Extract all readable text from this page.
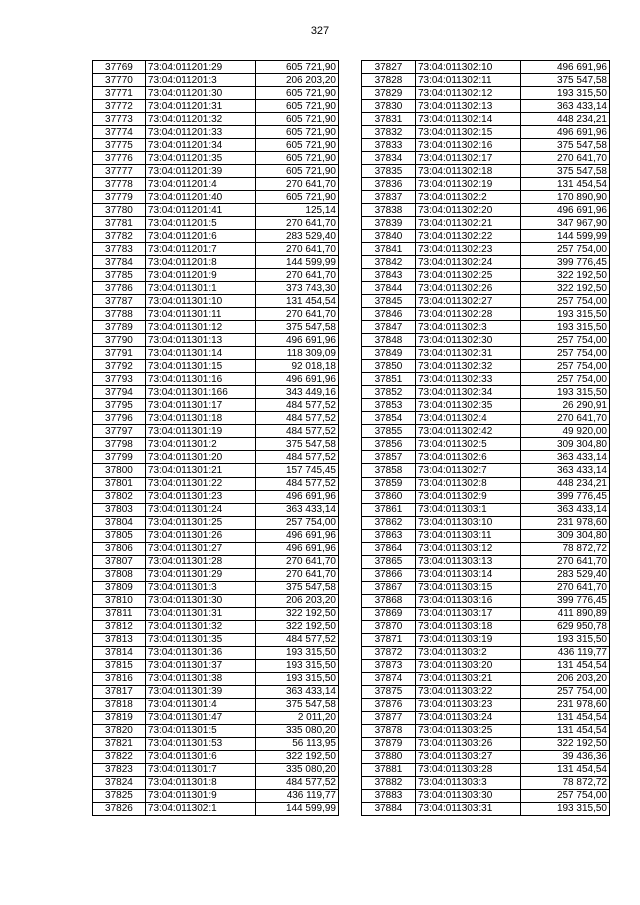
327
37769	73:04:011201:29	605 721,90
37770	73:04:011201:3	206 203,20
37771	73:04:011201:30	605 721,90
37772	73:04:011201:31	605 721,90
37773	73:04:011201:32	605 721,90
37774	73:04:011201:33	605 721,90
37775	73:04:011201:34	605 721,90
37776	73:04:011201:35	605 721,90
37777	73:04:011201:39	605 721,90
37778	73:04:011201:4	270 641,70
37779	73:04:011201:40	605 721,90
37780	73:04:011201:41	125,14
37781	73:04:011201:5	270 641,70
37782	73:04:011201:6	283 529,40
37783	73:04:011201:7	270 641,70
37784	73:04:011201:8	144 599,99
37785	73:04:011201:9	270 641,70
37786	73:04:011301:1	373 743,30
37787	73:04:011301:10	131 454,54
37788	73:04:011301:11	270 641,70
37789	73:04:011301:12	375 547,58
37790	73:04:011301:13	496 691,96
37791	73:04:011301:14	118 309,09
37792	73:04:011301:15	92 018,18
37793	73:04:011301:16	496 691,96
37794	73:04:011301:166	343 449,16
37795	73:04:011301:17	484 577,52
37796	73:04:011301:18	484 577,52
37797	73:04:011301:19	484 577,52
37798	73:04:011301:2	375 547,58
37799	73:04:011301:20	484 577,52
37800	73:04:011301:21	157 745,45
37801	73:04:011301:22	484 577,52
37802	73:04:011301:23	496 691,96
37803	73:04:011301:24	363 433,14
37804	73:04:011301:25	257 754,00
37805	73:04:011301:26	496 691,96
37806	73:04:011301:27	496 691,96
37807	73:04:011301:28	270 641,70
37808	73:04:011301:29	270 641,70
37809	73:04:011301:3	375 547,58
37810	73:04:011301:30	206 203,20
37811	73:04:011301:31	322 192,50
37812	73:04:011301:32	322 192,50
37813	73:04:011301:35	484 577,52
37814	73:04:011301:36	193 315,50
37815	73:04:011301:37	193 315,50
37816	73:04:011301:38	193 315,50
37817	73:04:011301:39	363 433,14
37818	73:04:011301:4	375 547,58
37819	73:04:011301:47	2 011,20
37820	73:04:011301:5	335 080,20
37821	73:04:011301:53	56 113,95
37822	73:04:011301:6	322 192,50
37823	73:04:011301:7	335 080,20
37824	73:04:011301:8	484 577,52
37825	73:04:011301:9	436 119,77
37826	73:04:011302:1	144 599,99
37827	73:04:011302:10	496 691,96
37828	73:04:011302:11	375 547,58
37829	73:04:011302:12	193 315,50
37830	73:04:011302:13	363 433,14
37831	73:04:011302:14	448 234,21
37832	73:04:011302:15	496 691,96
37833	73:04:011302:16	375 547,58
37834	73:04:011302:17	270 641,70
37835	73:04:011302:18	375 547,58
37836	73:04:011302:19	131 454,54
37837	73:04:011302:2	170 890,90
37838	73:04:011302:20	496 691,96
37839	73:04:011302:21	347 967,90
37840	73:04:011302:22	144 599,99
37841	73:04:011302:23	257 754,00
37842	73:04:011302:24	399 776,45
37843	73:04:011302:25	322 192,50
37844	73:04:011302:26	322 192,50
37845	73:04:011302:27	257 754,00
37846	73:04:011302:28	193 315,50
37847	73:04:011302:3	193 315,50
37848	73:04:011302:30	257 754,00
37849	73:04:011302:31	257 754,00
37850	73:04:011302:32	257 754,00
37851	73:04:011302:33	257 754,00
37852	73:04:011302:34	193 315,50
37853	73:04:011302:35	26 290,91
37854	73:04:011302:4	270 641,70
37855	73:04:011302:42	49 920,00
37856	73:04:011302:5	309 304,80
37857	73:04:011302:6	363 433,14
37858	73:04:011302:7	363 433,14
37859	73:04:011302:8	448 234,21
37860	73:04:011302:9	399 776,45
37861	73:04:011303:1	363 433,14
37862	73:04:011303:10	231 978,60
37863	73:04:011303:11	309 304,80
37864	73:04:011303:12	78 872,72
37865	73:04:011303:13	270 641,70
37866	73:04:011303:14	283 529,40
37867	73:04:011303:15	270 641,70
37868	73:04:011303:16	399 776,45
37869	73:04:011303:17	411 890,89
37870	73:04:011303:18	629 950,78
37871	73:04:011303:19	193 315,50
37872	73:04:011303:2	436 119,77
37873	73:04:011303:20	131 454,54
37874	73:04:011303:21	206 203,20
37875	73:04:011303:22	257 754,00
37876	73:04:011303:23	231 978,60
37877	73:04:011303:24	131 454,54
37878	73:04:011303:25	131 454,54
37879	73:04:011303:26	322 192,50
37880	73:04:011303:27	39 436,36
37881	73:04:011303:28	131 454,54
37882	73:04:011303:3	78 872,72
37883	73:04:011303:30	257 754,00
37884	73:04:011303:31	193 315,50
